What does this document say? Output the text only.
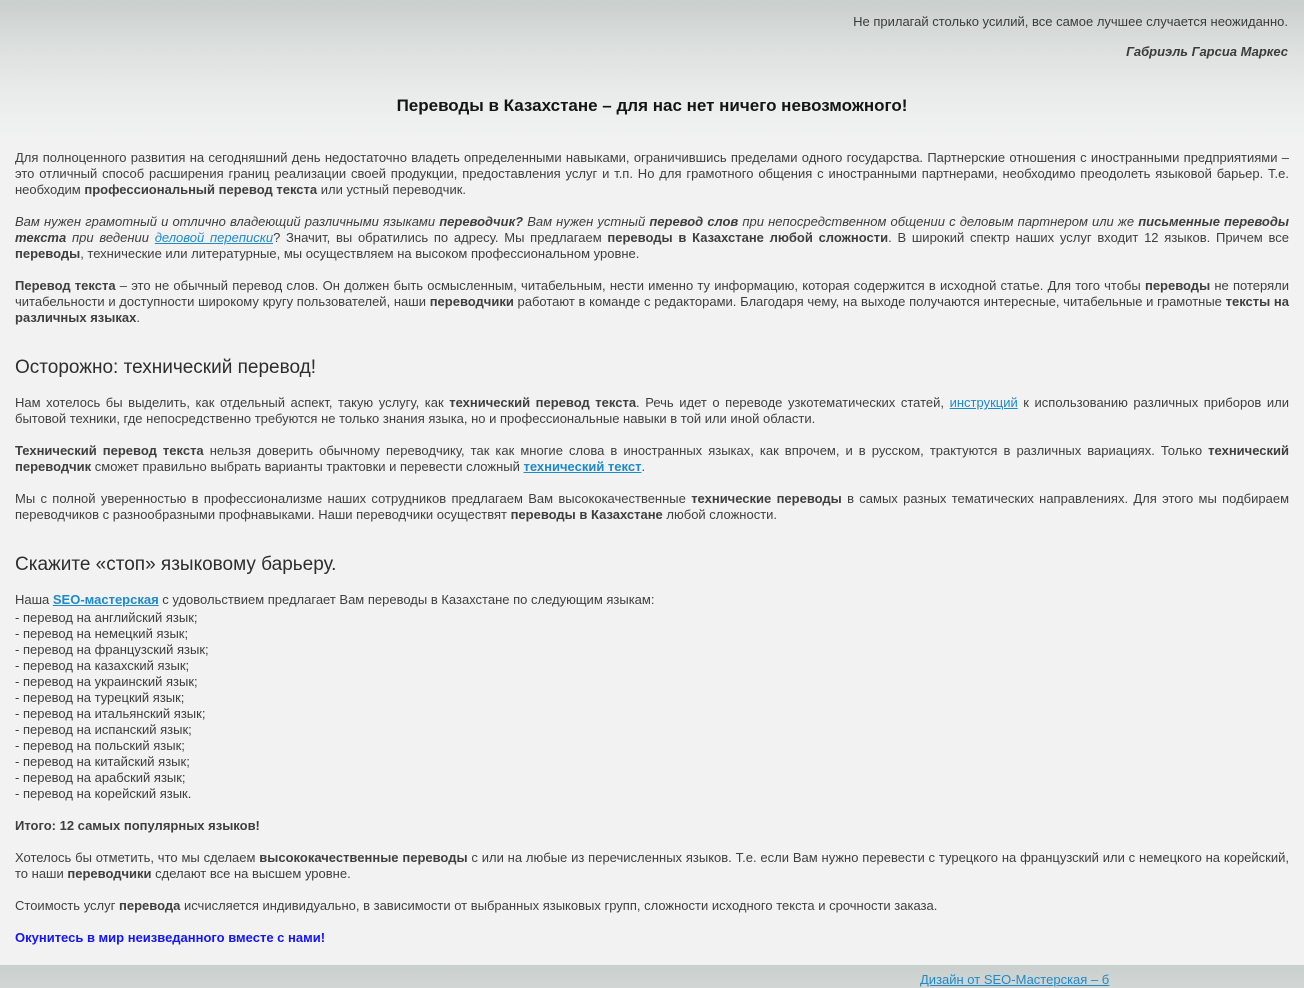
Не прилагай столько усилий, все самое лучшее случается неожиданно.

Габриэль Гарсиа Маркес

Переводы в Казахстане – для нас нет ничего невозможного!

Для полноценного развития на сегодняшний день недостаточно владеть определенными навыками, ограничившись пределами одного государства. Партнерские отношения с иностранными предприятиями – это отличный способ расширения границ реализации своей продукции, предоставления услуг и т.п. Но для грамотного общения с иностранными партнерами, необходимо преодолеть языковой барьер. Т.е. необходим профессиональный перевод текста или устный переводчик.

Вам нужен грамотный и отлично владеющий различными языками переводчик? Вам нужен устный перевод слов при непосредственном общении с деловым партнером или же письменные переводы текста при ведении деловой переписки? Значит, вы обратились по адресу. Мы предлагаем переводы в Казахстане любой сложности. В широкий спектр наших услуг входит 12 языков. Причем все переводы, технические или литературные, мы осуществляем на высоком профессиональном уровне.

Перевод текста – это не обычный перевод слов. Он должен быть осмысленным, читабельным, нести именно ту информацию, которая содержится в исходной статье. Для того чтобы переводы не потеряли читабельности и доступности широкому кругу пользователей, наши переводчики работают в команде с редакторами. Благодаря чему, на выходе получаются интересные, читабельные и грамотные тексты на различных языках.

Осторожно: технический перевод!

Нам хотелось бы выделить, как отдельный аспект, такую услугу, как технический перевод текста. Речь идет о переводе узкотематических статей, инструкций к использованию различных приборов или бытовой техники, где непосредственно требуются не только знания языка, но и профессиональные навыки в той или иной области.

Технический перевод текста нельзя доверить обычному переводчику, так как многие слова в иностранных языках, как впрочем, и в русском, трактуются в различных вариациях. Только технический переводчик сможет правильно выбрать варианты трактовки и перевести сложный технический текст.

Мы с полной уверенностью в профессионализме наших сотрудников предлагаем Вам высококачественные технические переводы в самых разных тематических направлениях. Для этого мы подбираем переводчиков с разнообразными профнавыками. Наши переводчики осуществят переводы в Казахстане любой сложности.

Скажите «стоп» языковому барьеру.

Наша SEO-мастерская с удовольствием предлагает Вам переводы в Казахстане по следующим языкам:

- перевод на английский язык;
- перевод на немецкий язык;
- перевод на французский язык;
- перевод на казахский язык;
- перевод на украинский язык;
- перевод на турецкий язык;
- перевод на итальянский язык;
- перевод на испанский язык;
- перевод на польский язык;
- перевод на китайский язык;
- перевод на арабский язык;
- перевод на корейский язык.

Итого: 12 самых популярных языков!

Хотелось бы отметить, что мы сделаем высококачественные переводы с или на любые из перечисленных языков. Т.е. если Вам нужно перевести с турецкого на французский или с немецкого на корейский, то наши переводчики сделают все на высшем уровне.

Стоимость услуг перевода исчисляется индивидуально, в зависимости от выбранных языковых групп, сложности исходного текста и срочности заказа.

Окунитесь в мир неизведанного вместе с нами!

Дизайн от SEO-Мастерская – б
